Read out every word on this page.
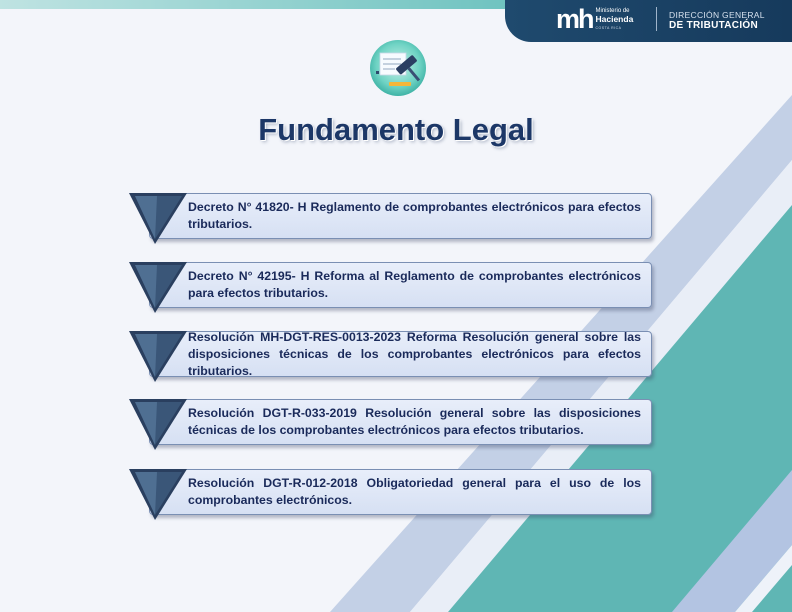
mh Ministerio de
Hacienda
COSTA RICA
DIRECCIÓN GENERAL
DE TRIBUTACIÓN
Fundamento Legal
Decreto N° 41820- H Reglamento de comprobantes electrónicos para efectos tributarios.
Decreto N° 42195- H Reforma al Reglamento de comprobantes electrónicos para efectos tributarios.
Resolución MH-DGT-RES-0013-2023 Reforma Resolución general sobre las disposiciones técnicas de los comprobantes electrónicos para efectos tributarios.
Resolución DGT-R-033-2019 Resolución general sobre las disposiciones técnicas de los comprobantes electrónicos para efectos tributarios.
Resolución DGT-R-012-2018 Obligatoriedad general para el uso de los comprobantes electrónicos.
